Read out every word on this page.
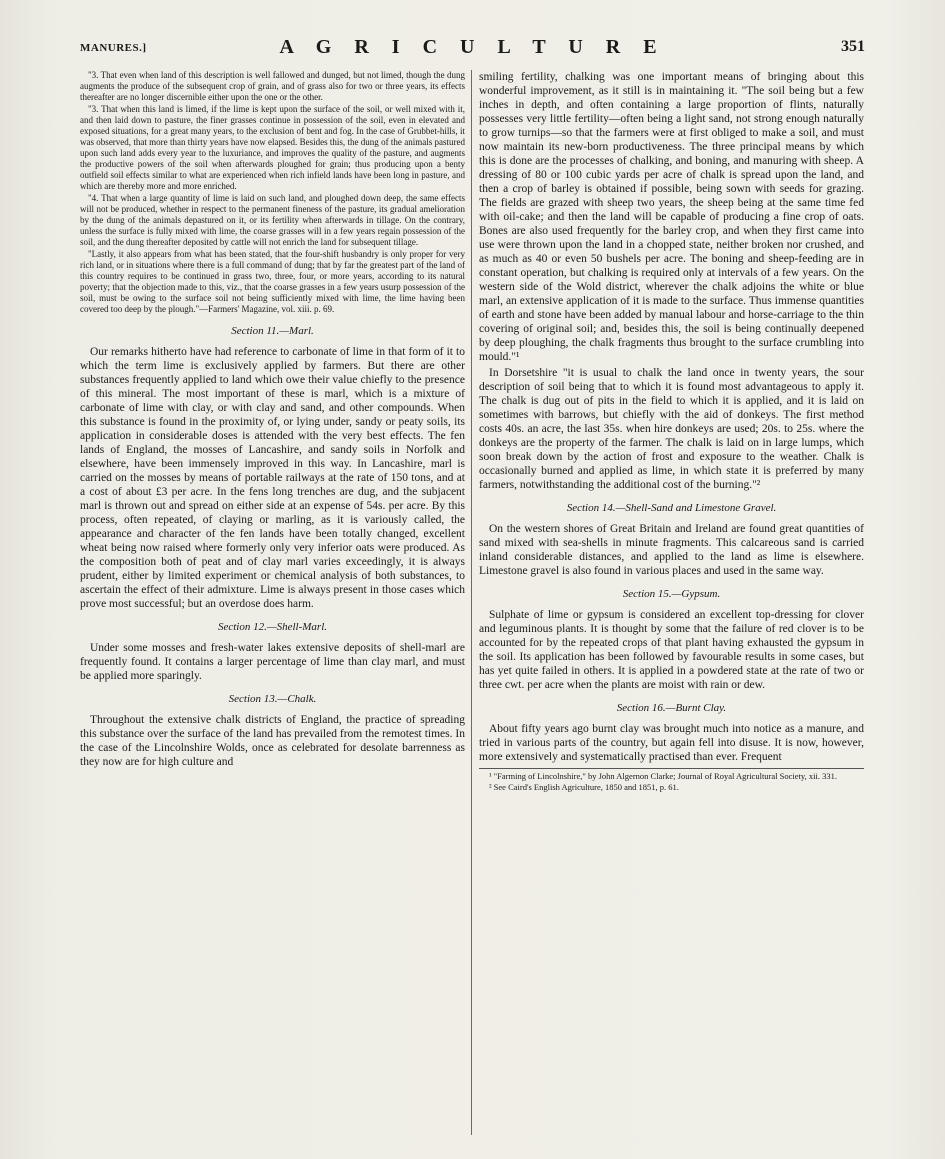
MANURES.]	A G R I C U L T U R E	351

"3. That even when land of this description is well fallowed and dunged, but not limed, though the dung augments the produce of the subsequent crop of grain, and of grass also for two or three years, its effects thereafter are no longer discernible either upon the one or the other.

"3. That when this land is limed, if the lime is kept upon the surface of the soil, or well mixed with it, and then laid down to pasture, the finer grasses continue in possession of the soil, even in elevated and exposed situations, for a great many years, to the exclusion of bent and fog. In the case of Grubbet-hills, it was observed, that more than thirty years have now elapsed. Besides this, the dung of the animals pastured upon such land adds every year to the luxuriance, and improves the quality of the pasture, and augments the productive powers of the soil when afterwards ploughed for grain; thus producing upon a benty outfield soil effects similar to what are experienced when rich infield lands have been long in pasture, and which are thereby more and more enriched.

"4. That when a large quantity of lime is laid on such land, and ploughed down deep, the same effects will not be produced, whether in respect to the permanent fineness of the pasture, its gradual amelioration by the dung of the animals depastured on it, or its fertility when afterwards in tillage. On the contrary, unless the surface is fully mixed with lime, the coarse grasses will in a few years regain possession of the soil, and the dung thereafter deposited by cattle will not enrich the land for subsequent tillage.

"Lastly, it also appears from what has been stated, that the four-shift husbandry is only proper for very rich land, or in situations where there is a full command of dung; that by far the greatest part of the land of this country requires to be continued in grass two, three, four, or more years, according to its natural poverty; that the objection made to this, viz., that the coarse grasses in a few years usurp possession of the soil, must be owing to the surface soil not being sufficiently mixed with lime, the lime having been covered too deep by the plough."—Farmers' Magazine, vol. xiii. p. 69.

Section 11.—Marl.

Our remarks hitherto have had reference to carbonate of lime in that form of it to which the term lime is exclusively applied by farmers. But there are other substances frequently applied to land which owe their value chiefly to the presence of this mineral. The most important of these is marl, which is a mixture of carbonate of lime with clay, or with clay and sand, and other compounds. When this substance is found in the proximity of, or lying under, sandy or peaty soils, its application in considerable doses is attended with the very best effects. The fen lands of England, the mosses of Lancashire, and sandy soils in Norfolk and elsewhere, have been immensely improved in this way. In Lancashire, marl is carried on the mosses by means of portable railways at the rate of 150 tons, and at a cost of about £3 per acre. In the fens long trenches are dug, and the subjacent marl is thrown out and spread on either side at an expense of 54s. per acre. By this process, often repeated, of claying or marling, as it is variously called, the appearance and character of the fen lands have been totally changed, excellent wheat being now raised where formerly only very inferior oats were produced. As the composition both of peat and of clay marl varies exceedingly, it is always prudent, either by limited experiment or chemical analysis of both substances, to ascertain the effect of their admixture. Lime is always present in those cases which prove most successful; but an overdose does harm.

Section 12.—Shell-Marl.

Under some mosses and fresh-water lakes extensive deposits of shell-marl are frequently found. It contains a larger percentage of lime than clay marl, and must be applied more sparingly.

Section 13.—Chalk.

Throughout the extensive chalk districts of England, the practice of spreading this substance over the surface of the land has prevailed from the remotest times. In the case of the Lincolnshire Wolds, once as celebrated for desolate barrenness as they now are for high culture and

smiling fertility, chalking was one important means of bringing about this wonderful improvement, as it still is in maintaining it. "The soil being but a few inches in depth, and often containing a large proportion of flints, naturally possesses very little fertility—often being a light sand, not strong enough naturally to grow turnips—so that the farmers were at first obliged to make a soil, and must now maintain its new-born productiveness. The three principal means by which this is done are the processes of chalking, and boning, and manuring with sheep. A dressing of 80 or 100 cubic yards per acre of chalk is spread upon the land, and then a crop of barley is obtained if possible, being sown with seeds for grazing. The fields are grazed with sheep two years, the sheep being at the same time fed with oil-cake; and then the land will be capable of producing a fine crop of oats. Bones are also used frequently for the barley crop, and when they first came into use were thrown upon the land in a chopped state, neither broken nor crushed, and as much as 40 or even 50 bushels per acre. The boning and sheep-feeding are in constant operation, but chalking is required only at intervals of a few years. On the western side of the Wold district, wherever the chalk adjoins the white or blue marl, an extensive application of it is made to the surface. Thus immense quantities of earth and stone have been added by manual labour and horse-carriage to the thin covering of original soil; and, besides this, the soil is being continually deepened by deep ploughing, the chalk fragments thus brought to the surface crumbling into mould."¹

In Dorsetshire "it is usual to chalk the land once in twenty years, the sour description of soil being that to which it is found most advantageous to apply it. The chalk is dug out of pits in the field to which it is applied, and it is laid on sometimes with barrows, but chiefly with the aid of donkeys. The first method costs 40s. an acre, the last 35s. when hire donkeys are used; 20s. to 25s. where the donkeys are the property of the farmer. The chalk is laid on in large lumps, which soon break down by the action of frost and exposure to the weather. Chalk is occasionally burned and applied as lime, in which state it is preferred by many farmers, notwithstanding the additional cost of the burning."²

Section 14.—Shell-Sand and Limestone Gravel.

On the western shores of Great Britain and Ireland are found great quantities of sand mixed with sea-shells in minute fragments. This calcareous sand is carried inland considerable distances, and applied to the land as lime is elsewhere. Limestone gravel is also found in various places and used in the same way.

Section 15.—Gypsum.

Sulphate of lime or gypsum is considered an excellent top-dressing for clover and leguminous plants. It is thought by some that the failure of red clover is to be accounted for by the repeated crops of that plant having exhausted the gypsum in the soil. Its application has been followed by favourable results in some cases, but has yet quite failed in others. It is applied in a powdered state at the rate of two or three cwt. per acre when the plants are moist with rain or dew.

Section 16.—Burnt Clay.

About fifty years ago burnt clay was brought much into notice as a manure, and tried in various parts of the country, but again fell into disuse. It is now, however, more extensively and systematically practised than ever. Frequent

¹ "Farming of Lincolnshire," by John Algernon Clarke; Journal of Royal Agricultural Society, xii. 331.

² See Caird's English Agriculture, 1850 and 1851, p. 61.
